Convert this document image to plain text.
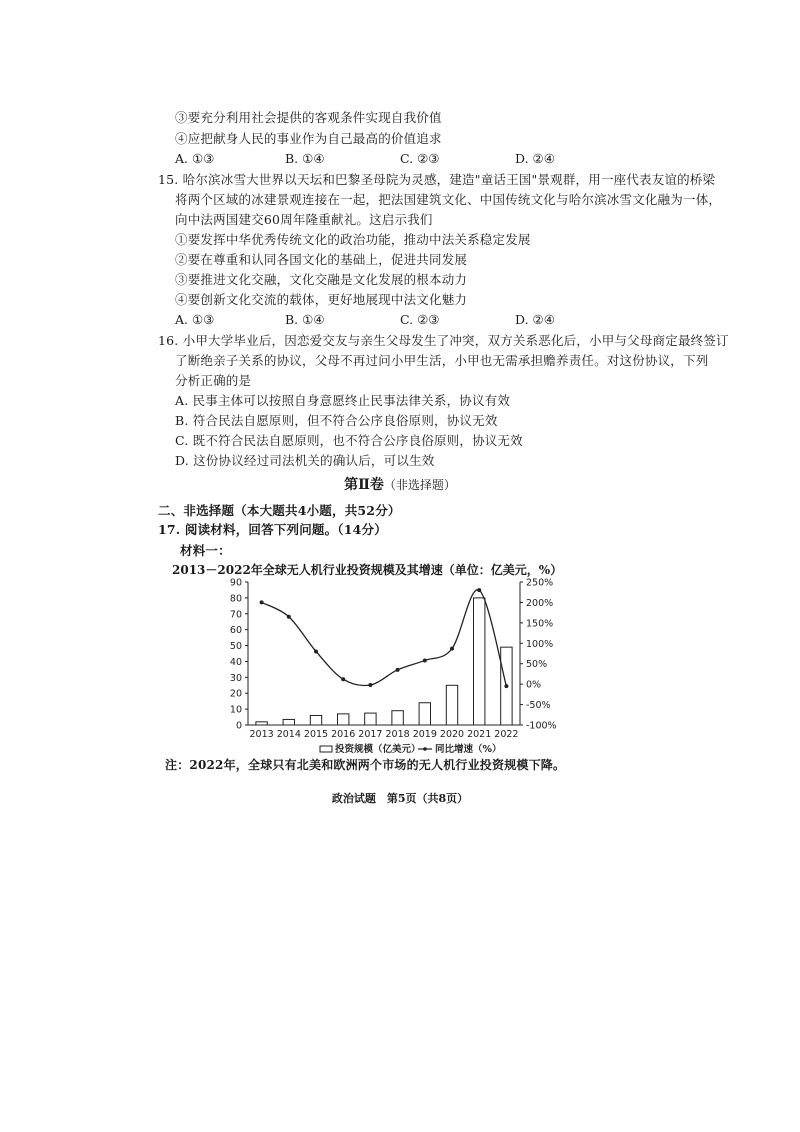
③要充分利用社会提供的客观条件实现自我价值
④应把献身人民的事业作为自己最高的价值追求
A. ①③	B. ①④	C. ②③	D. ②④
15. 哈尔滨冰雪大世界以天坛和巴黎圣母院为灵感，建造"童话王国"景观群，用一座代表友谊的桥梁
将两个区域的冰建景观连接在一起，把法国建筑文化、中国传统文化与哈尔滨冰雪文化融为一体，
向中法两国建交60周年隆重献礼。这启示我们
①要发挥中华优秀传统文化的政治功能，推动中法关系稳定发展
②要在尊重和认同各国文化的基础上，促进共同发展
③要推进文化交融，文化交融是文化发展的根本动力
④要创新文化交流的载体，更好地展现中法文化魅力
A. ①③	B. ①④	C. ②③	D. ②④
16. 小甲大学毕业后，因恋爱交友与亲生父母发生了冲突，双方关系恶化后，小甲与父母商定最终签订
了断绝亲子关系的协议，父母不再过问小甲生活，小甲也无需承担赡养责任。对这份协议，下列
分析正确的是
A. 民事主体可以按照自身意愿终止民事法律关系，协议有效
B. 符合民法自愿原则，但不符合公序良俗原则，协议无效
C. 既不符合民法自愿原则，也不符合公序良俗原则，协议无效
D. 这份协议经过司法机关的确认后，可以生效
第Ⅱ卷（非选择题）
二、非选择题（本大题共4小题，共52分）
17. 阅读材料，回答下列问题。（14分）
材料一：
2013－2022年全球无人机行业投资规模及其增速（单位：亿美元，%）
0
10
20
30
40
50
60
70
80
90
-100%
-50%
0%
50%
100%
150%
200%
250%
2013 2014 2015 2016 2017 2018 2019 2020 2021 2022
投资规模（亿美元） 同比增速（%）
注：2022年，全球只有北美和欧洲两个市场的无人机行业投资规模下降。
政治试题　第5页（共8页）
